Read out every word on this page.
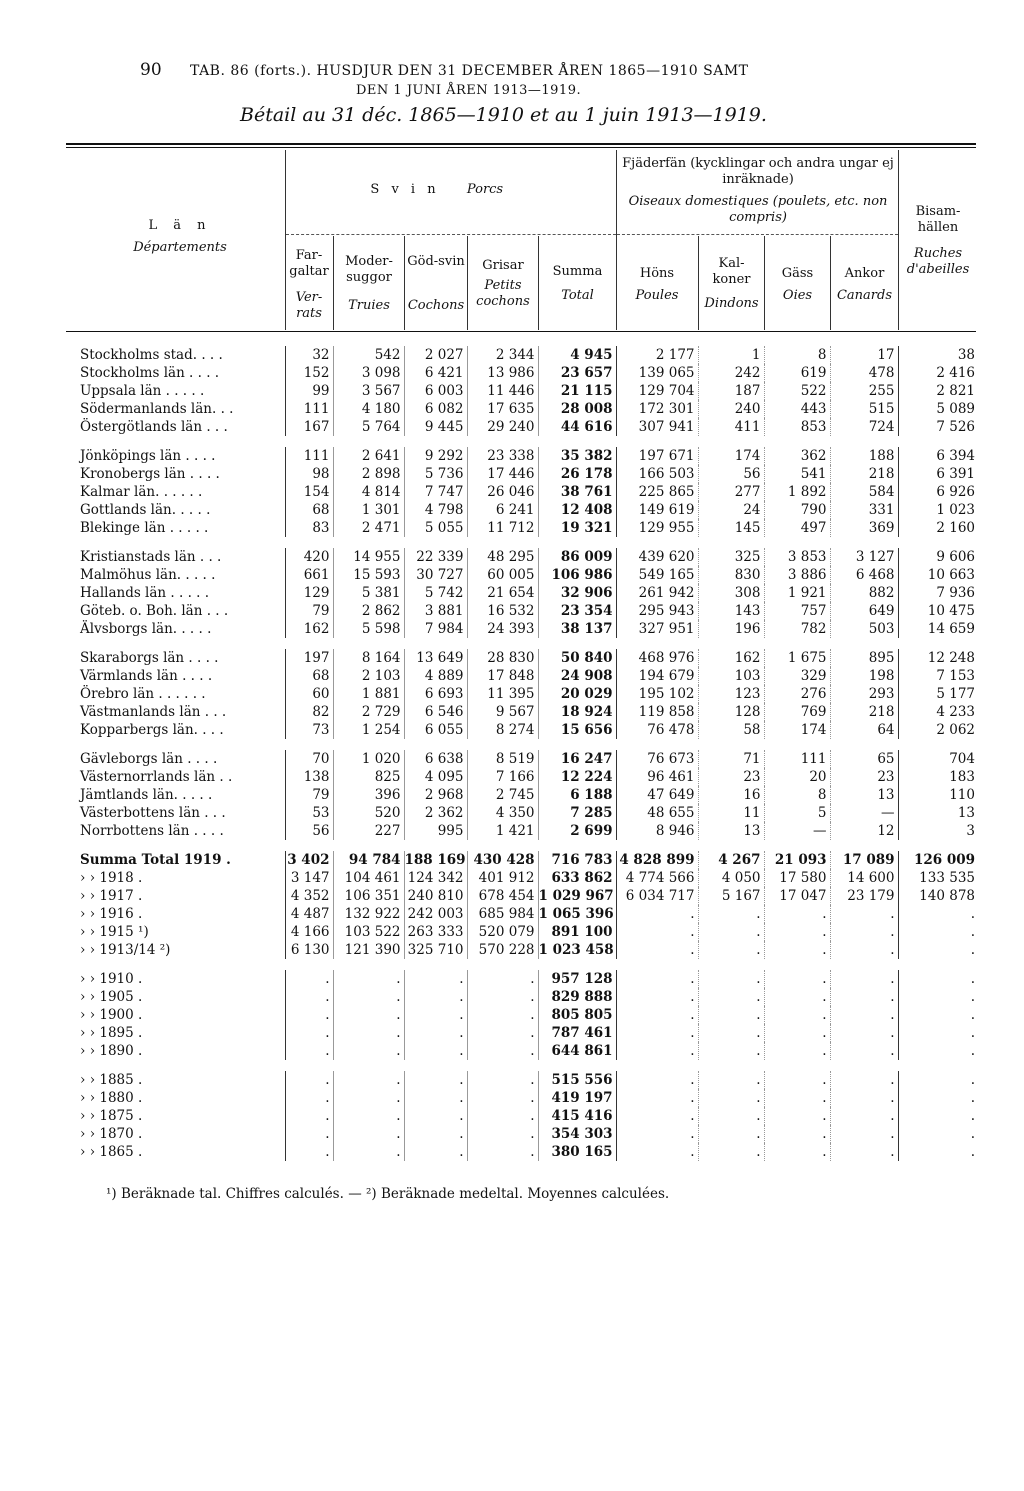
90 TAB. 86 (forts.). HUSDJUR DEN 31 DECEMBER ÅREN 1865—1910 SAMT
DEN 1 JUNI ÅREN 1913—1919.
Bétail au 31 déc. 1865—1910 et au 1 juin 1913—1919.
L ä n
Départements
S v i n	Porcs
Far-galtar
Ver-rats
Moder-suggor
Truies
Göd-svin
Cochons
Grisar
Petits cochons
Summa
Total
Fjäderfän (kycklingar och andra ungar ej inräknade)
Oiseaux domestiques (poulets, etc. non compris)
Höns
Poules
Kal-koner
Dindons
Gäss
Oies
Ankor
Canards
Bisam-hällen
Ruches d'abeilles
Stockholms stad. . . .	32	542	2 027	2 344	4 945	2 177	1	8	17	38
Stockholms län . . . .	152	3 098	6 421	13 986	23 657	139 065	242	619	478	2 416
Uppsala län . . . . .	99	3 567	6 003	11 446	21 115	129 704	187	522	255	2 821
Södermanlands län. . .	111	4 180	6 082	17 635	28 008	172 301	240	443	515	5 089
Östergötlands län . . .	167	5 764	9 445	29 240	44 616	307 941	411	853	724	7 526

Jönköpings län . . . .	111	2 641	9 292	23 338	35 382	197 671	174	362	188	6 394
Kronobergs län . . . .	98	2 898	5 736	17 446	26 178	166 503	56	541	218	6 391
Kalmar län. . . . . .	154	4 814	7 747	26 046	38 761	225 865	277	1 892	584	6 926
Gottlands län. . . . .	68	1 301	4 798	6 241	12 408	149 619	24	790	331	1 023
Blekinge län . . . . .	83	2 471	5 055	11 712	19 321	129 955	145	497	369	2 160

Kristianstads län . . .	420	14 955	22 339	48 295	86 009	439 620	325	3 853	3 127	9 606
Malmöhus län. . . . .	661	15 593	30 727	60 005	106 986	549 165	830	3 886	6 468	10 663
Hallands län . . . . .	129	5 381	5 742	21 654	32 906	261 942	308	1 921	882	7 936
Göteb. o. Boh. län . . .	79	2 862	3 881	16 532	23 354	295 943	143	757	649	10 475
Älvsborgs län. . . . .	162	5 598	7 984	24 393	38 137	327 951	196	782	503	14 659

Skaraborgs län . . . .	197	8 164	13 649	28 830	50 840	468 976	162	1 675	895	12 248
Värmlands län . . . .	68	2 103	4 889	17 848	24 908	194 679	103	329	198	7 153
Örebro län . . . . . .	60	1 881	6 693	11 395	20 029	195 102	123	276	293	5 177
Västmanlands län . . .	82	2 729	6 546	9 567	18 924	119 858	128	769	218	4 233
Kopparbergs län. . . .	73	1 254	6 055	8 274	15 656	76 478	58	174	64	2 062

Gävleborgs län . . . .	70	1 020	6 638	8 519	16 247	76 673	71	111	65	704
Västernorrlands län . .	138	825	4 095	7 166	12 224	96 461	23	20	23	183
Jämtlands län. . . . .	79	396	2 968	2 745	6 188	47 649	16	8	13	110
Västerbottens län . . .	53	520	2 362	4 350	7 285	48 655	11	5	—	13
Norrbottens län . . . .	56	227	995	1 421	2 699	8 946	13	—	12	3

Summa Total 1919 .	3 402	94 784	188 169	430 428	716 783	4 828 899	4 267	21 093	17 089	126 009
› › 1918 .	3 147	104 461	124 342	401 912	633 862	4 774 566	4 050	17 580	14 600	133 535
› › 1917 .	4 352	106 351	240 810	678 454	1 029 967	6 034 717	5 167	17 047	23 179	140 878
› › 1916 .	4 487	132 922	242 003	685 984	1 065 396	.	.	.	.	.
› › 1915 ¹)	4 166	103 522	263 333	520 079	891 100	.	.	.	.	.
› › 1913/14 ²)	6 130	121 390	325 710	570 228	1 023 458	.	.	.	.	.

› › 1910 .	.	.	.	.	957 128	.	.	.	.	.
› › 1905 .	.	.	.	.	829 888	.	.	.	.	.
› › 1900 .	.	.	.	.	805 805	.	.	.	.	.
› › 1895 .	.	.	.	.	787 461	.	.	.	.	.
› › 1890 .	.	.	.	.	644 861	.	.	.	.	.

› › 1885 .	.	.	.	.	515 556	.	.	.	.	.
› › 1880 .	.	.	.	.	419 197	.	.	.	.	.
› › 1875 .	.	.	.	.	415 416	.	.	.	.	.
› › 1870 .	.	.	.	.	354 303	.	.	.	.	.
› › 1865 .	.	.	.	.	380 165	.	.	.	.	.
¹) Beräknade tal. Chiffres calculés. — ²) Beräknade medeltal. Moyennes calculées.
